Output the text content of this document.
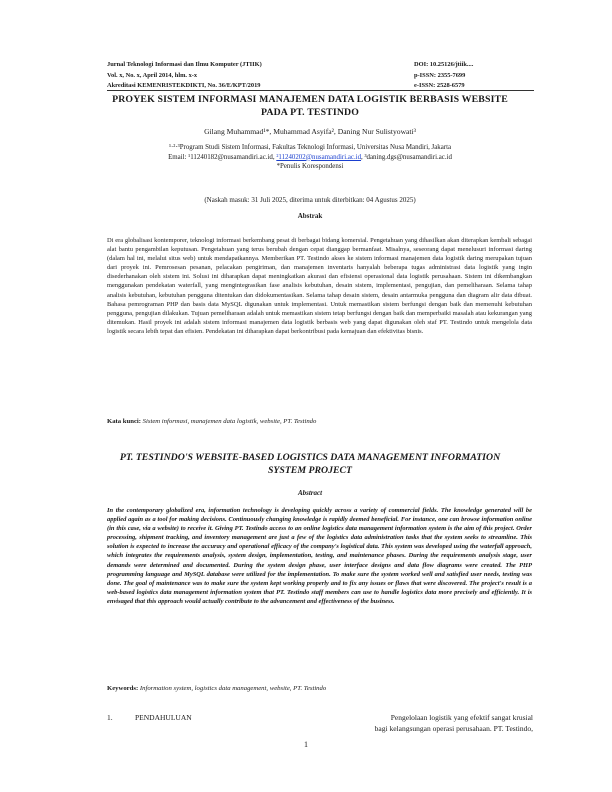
Jurnal Teknologi Informasi dan Ilmu Komputer (JTIIK)
Vol. x, No. x, April 2014, hlm. x-x
Akreditasi KEMENRISTEKDIKTI, No. 36/E/KPT/2019
DOI: 10.25126/jtiik....
p-ISSN: 2355-7699
e-ISSN: 2528-6579
PROYEK SISTEM INFORMASI MANAJEMEN DATA LOGISTIK BERBASIS WEBSITE PADA PT. TESTINDO
Gilang Muhammad¹*, Muhammad Asyifa², Daning Nur Sulistyowati³
¹·²·³Program Studi Sistem Informasi, Fakultas Teknologi Informasi, Universitas Nusa Mandiri, Jakarta
Email: ¹11240182@nusamandiri.ac.id, ²11240202@nusamandiri.ac.id, ³daning.dgs@nusamandiri.ac.id
*Penulis Korespondensi
(Naskah masuk: 31 Juli 2025, diterima untuk diterbitkan: 04 Agustus 2025)
Abstrak
Di era globalisasi kontemporer, teknologi informasi berkembang pesat di berbagai bidang komersial. Pengetahuan yang dihasilkan akan diterapkan kembali sebagai alat bantu pengambilan keputusan. Pengetahuan yang terus berubah dengan cepat dianggap bermanfaat. Misalnya, seseorang dapat menelusuri informasi daring (dalam hal ini, melalui situs web) untuk mendapatkannya. Memberikan PT. Testindo akses ke sistem informasi manajemen data logistik daring merupakan tujuan dari proyek ini. Pemrosesan pesanan, pelacakan pengiriman, dan manajemen inventaris hanyalah beberapa tugas administrasi data logistik yang ingin disederhanakan oleh sistem ini. Solusi ini diharapkan dapat meningkatkan akurasi dan efisiensi operasional data logistik perusahaan. Sistem ini dikembangkan menggunakan pendekatan waterfall, yang mengintegrasikan fase analisis kebutuhan, desain sistem, implementasi, pengujian, dan pemeliharaan. Selama tahap analisis kebutuhan, kebutuhan pengguna ditentukan dan didokumentasikan. Selama tahap desain sistem, desain antarmuka pengguna dan diagram alir data dibuat. Bahasa pemrograman PHP dan basis data MySQL digunakan untuk implementasi. Untuk memastikan sistem berfungsi dengan baik dan memenuhi kebutuhan pengguna, pengujian dilakukan. Tujuan pemeliharaan adalah untuk memastikan sistem tetap berfungsi dengan baik dan memperbaiki masalah atau kekurangan yang ditemukan. Hasil proyek ini adalah sistem informasi manajemen data logistik berbasis web yang dapat digunakan oleh staf PT. Testindo untuk mengelola data logistik secara lebih tepat dan efisien. Pendekatan ini diharapkan dapat berkontribusi pada kemajuan dan efektivitas bisnis.
Kata kunci: Sistem informasi, manajemen data logistik, website, PT. Testindo
PT. TESTINDO'S WEBSITE-BASED LOGISTICS DATA MANAGEMENT INFORMATION SYSTEM PROJECT
Abstract
In the contemporary globalized era, information technology is developing quickly across a variety of commercial fields. The knowledge generated will be applied again as a tool for making decisions. Continuously changing knowledge is rapidly deemed beneficial. For instance, one can browse information online (in this case, via a website) to receive it. Giving PT. Testindo access to an online logistics data management information system is the aim of this project. Order processing, shipment tracking, and inventory management are just a few of the logistics data administration tasks that the system seeks to streamline. This solution is expected to increase the accuracy and operational efficacy of the company's logistical data. This system was developed using the waterfall approach, which integrates the requirements analysis, system design, implementation, testing, and maintenance phases. During the requirements analysis stage, user demands were determined and documented. During the system design phase, user interface designs and data flow diagrams were created. The PHP programming language and MySQL database were utilized for the implementation. To make sure the system worked well and satisfied user needs, testing was done. The goal of maintenance was to make sure the system kept working properly and to fix any issues or flaws that were discovered. The project's result is a web-based logistics data management information system that PT. Testindo staff members can use to handle logistics data more precisely and efficiently. It is envisaged that this approach would actually contribute to the advancement and effectiveness of the business.
Keywords: Information system, logistics data management, website, PT. Testindo
1.	PENDAHULUAN	Pengelolaan logistik yang efektif sangat krusial
bagi kelangsungan operasi perusahaan. PT. Testindo,
1
